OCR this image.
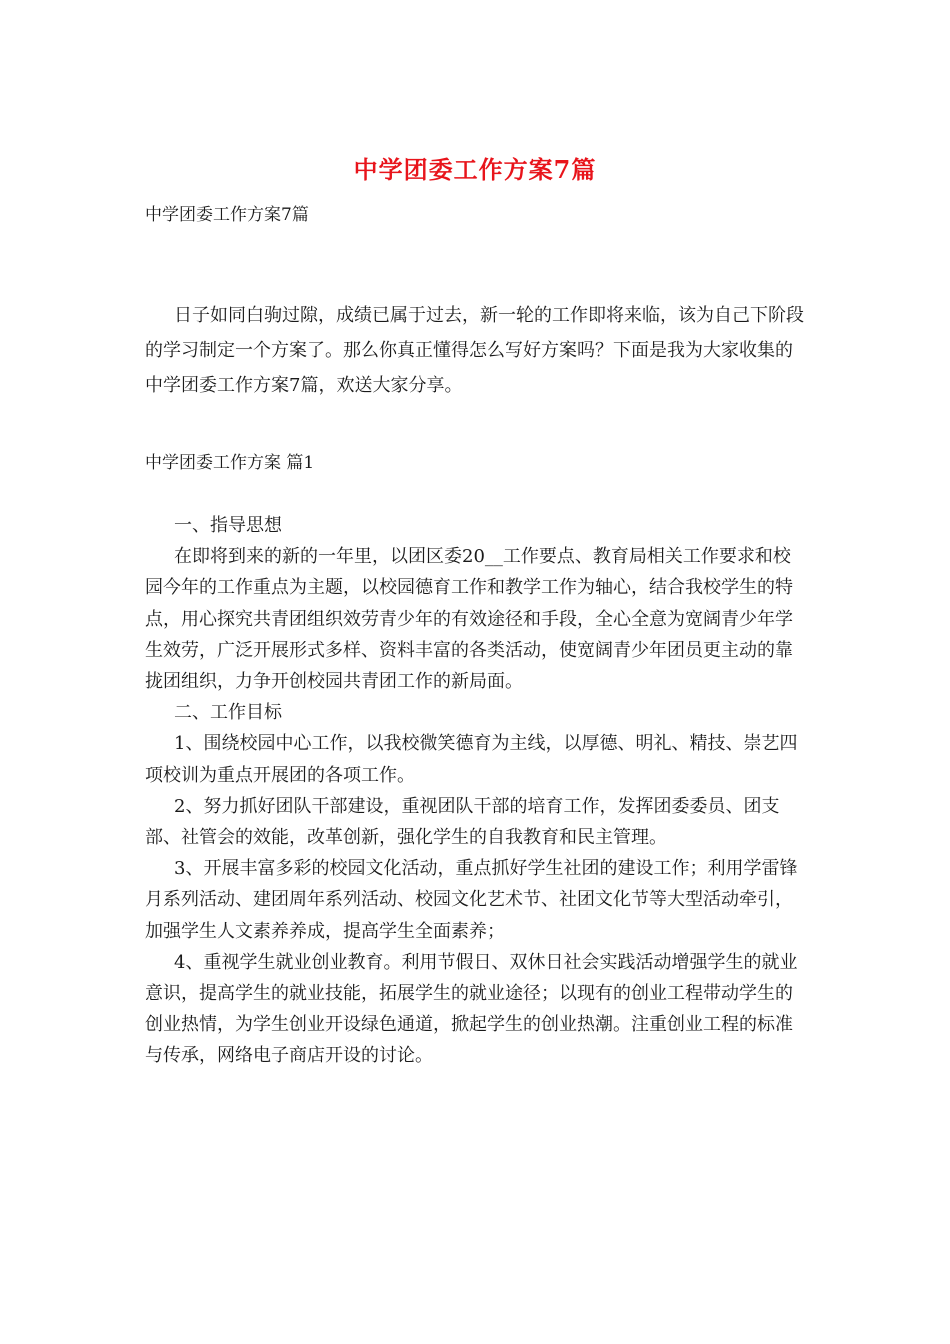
中学团委工作方案7篇
中学团委工作方案7篇

日子如同白驹过隙，成绩已属于过去，新一轮的工作即将来临，该为自己下阶段的学习制定一个方案了。那么你真正懂得怎么写好方案吗？下面是我为大家收集的中学团委工作方案7篇，欢送大家分享。

中学团委工作方案 篇1

一、指导思想

在即将到来的新的一年里，以团区委20__工作要点、教育局相关工作要求和校园今年的工作重点为主题，以校园德育工作和教学工作为轴心，结合我校学生的特点，用心探究共青团组织效劳青少年的有效途径和手段，全心全意为宽阔青少年学生效劳，广泛开展形式多样、资料丰富的各类活动，使宽阔青少年团员更主动的靠拢团组织，力争开创校园共青团工作的新局面。

二、工作目标

1、围绕校园中心工作，以我校微笑德育为主线，以厚德、明礼、精技、崇艺四项校训为重点开展团的各项工作。

2、努力抓好团队干部建设，重视团队干部的培育工作，发挥团委委员、团支部、社管会的效能，改革创新，强化学生的自我教育和民主管理。

3、开展丰富多彩的校园文化活动，重点抓好学生社团的建设工作；利用学雷锋月系列活动、建团周年系列活动、校园文化艺术节、社团文化节等大型活动牵引，加强学生人文素养养成，提高学生全面素养；

4、重视学生就业创业教育。利用节假日、双休日社会实践活动增强学生的就业意识，提高学生的就业技能，拓展学生的就业途径；以现有的创业工程带动学生的创业热情，为学生创业开设绿色通道，掀起学生的创业热潮。注重创业工程的标准与传承，网络电子商店开设的讨论。
